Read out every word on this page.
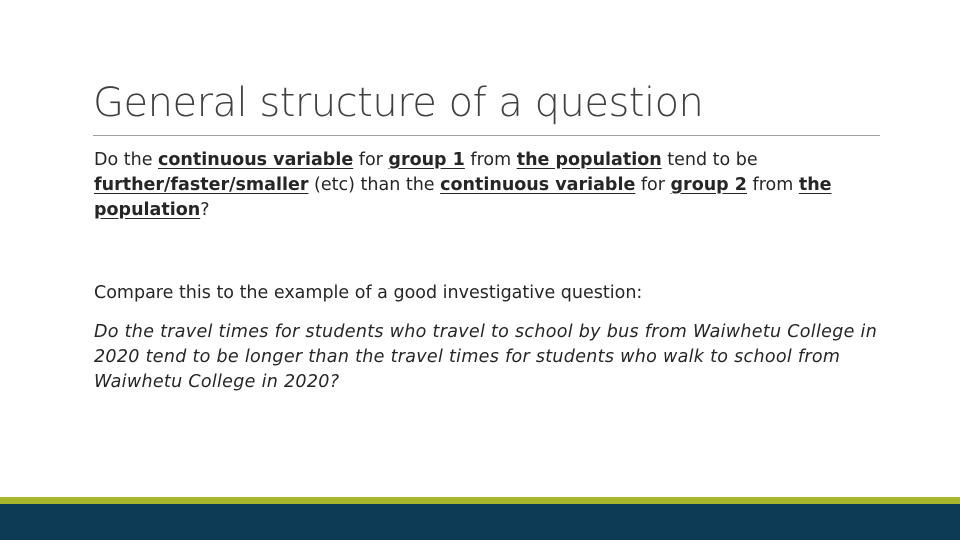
General structure of a question
Do the continuous variable for group 1 from the population tend to be further/faster/smaller (etc) than the continuous variable for group 2 from the population?
Compare this to the example of a good investigative question:
Do the travel times for students who travel to school by bus from Waiwhetu College in 2020 tend to be longer than the travel times for students who walk to school from Waiwhetu College in 2020?
